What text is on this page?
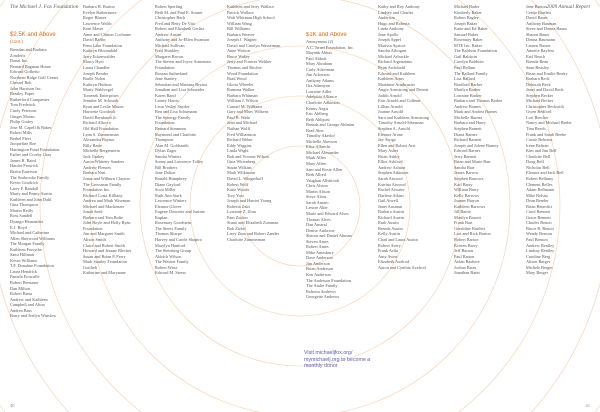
The Michael J. Fox Foundation	2009 Annual Report
$2.5K and Above
(cont.)
Brendan and Barbara
Zonderis
Donat Inc.
Bernard Bagman Home
Edward Golbetto
Northern Ridge Golf Center
Chessel Reh
John Harrison Inc.
Bentley Paper
Rutherford Companies
Tom Frederick
Cindy Peterson
Ginger Moran
Philip Grafey
Jose M. Capell & Baker
Robert Mills
Bethel Fleet
Jacqueline Roe
Harrington Fund Foundation
Esther and Crosby Gray
James R. Baird
Harriet Fenwick
Bertin Emerson
The Seabrooke Family
Kevin Goodrich
Larry P. Randall
Marty and Penny Austin
Kathleen and John Dahl
Gina Thompson
Martin Reilly
Ross Sandell
Dyango Hernandez
E.J. Boyd
Michael and Catherine
Allen Sherwood Williams
The Morgan Family
Kathleen Forsythe
Sami Hillman
Kevin Williams
T.F. Donahue Foundation
Laura Hendrick
Pamela Froscalle
Robert Bernauer
Dan Milton
Robert Barta
Andrew and Kathleen
Campbell and Alton
Andrea Bass
Barry and Jerilyn Winslow
Barbara H. Barton
Evelyn Rathermore
Roger Bhater
Lawrence Walsh
Kent Maser
Anne and Clinton Cochrane
David Baffin
Penn Lake Foundation
Kathryn Bloomdahl
Jerry Eckenwalder
Marcy Hyer
Laura Chandler
Joseph Bender
Bartle Nolen
Kathryn Hudson
Marty Waldvogel
Tomesek Enterprises
Jennifer M. Schmidt
Ryan and Leslie Mason
Harriette Goodrick
David Bernhardt Jr.
Richard Allocco
Old Hall Foundation
Lynn S. Zimmerman
Alexandra Baynor
Billy Barre
Michelle Bergenstein
Jack Grabey
Aaron Whitney Sanders
Andrew Flenzes
Barbara Nast
Jonas and Wilburn Clayton
The Grossman Family
Foundation Inc.
Richard Costa Killiany
Andrea and Mark Wiseman
Michael and Mackenzie
Jonah Seed
Barbara and Tom Bolte
John Boyle and Holly Ryan
Foundation
Jim and Margaret Smith
Alison Smith
Claire and Robert Smith
Howard and Jeanne Blecher
Susan and Brian P. Ferry
Mark Stanley Foundation
Gottlieb
Katherine and Maryanne
Robert Sperling
Beth M. and Paul E. Sosner
Christopher Bach
Fred and Betty De Vito
Robert and Elizabeth Gerlitz
Andrew Austin
Anthony and Jo-Ellen Swanson
Michael Sullivan
Fred Shinkley
Margaret Brown
The Steven and Joyce Armenian
Foundation
Rosana Sutherland
Jane Stanley
Sebastian and Mariana Bryant
Jonathan and Lisa Schneider
Karen Rand
Lainey Harris
Leon Vesley Snyder
Ben and Lisa Schumann
The Synergy Family
Foundation
Bernard Simmons
Raymond and Charlotte
Thompson
Alan M. Goldsmith
Dylan Zager
Sandra Winters
Sonny and Lawrence Tolley
Bill Brothers
Jane Dalton
Ronald Humphrey
Diane Gaylord
Scott Miller
Ruth Ann Stark
Lawrence Winters
Eleanor Glover
Eugene Doucette and Justine
Kaplan
Rosemary Goodstein
The Steers Family
Thomas Sharpe
Harvey and Carole Shapiro
Marylyn Hanford
The Steinberg Group
Aldrich Wilson
The Weston Family
Robert Wirtz
Edward M. Steers
Kathleen and Jerry Wallace
Patrick Wallace
Walt Whitman High School
William Wang
Bill Williams
Barbara Weaver
Joseph J. Wagner
David and Carolyn Wasserman
Anne Wotton
Bruce Wakey
Jerry and Frances Webber
Thomas and Ritchie
Wood Foundation
Brad Wood
Gloria Wheeler
Ramona Walker
Barbara Whitman
William J. Wilson
Carmel M. Williams
Gary and Mary Wilkens
Paul B. Wade
Jean and Michael
Nathan Wolff
Fred Williamson
Richard Weber
Eddy Wiggins
Linda Wight
Bob and Yvonne Wilson
Gina Wittenberg
Susan Wilkins
Mark Wilkinson
David L. Wingerhoff
Robert Wolf
Katie Woods
Tory Yost
Joseph and Harriet Young
Roberta Zaks
Lorraine Z. Zinn
Pam Zucker
Stuart and Elizabeth Zussman
Bob Zirkel
Larry Zinn and Robert Zander
Charlotte Zimmerman
$1K and Above
Anonymous (2)
A.C. Israel Foundation, Inc.
Mayank Abbas
Paul Abbott
Mary Abraham
Carly Ackerman
Jim Ackerson
Anthony Adams
Ora Adamyan
Lorraine Adler
Adelphia Alliance
Charlotte Adkinson
Kenny Aegis
Eric Ahlberg
Beth Ahlquist
Brenda and George Ahlman
Brad Aker
Timothy Akerlof
Michelle Akesson
Elise Albrecht
Michael Alexander
Mark Allen
Mary Allen
Sam and Rosie Allen
Beth Allred
Vaughan Allsbrook
Chris Alston
Martin Alston
Steve Alton
Sarah Amaro
Lenore Alter
Marie and Edward Alves
Thomas Alves
Dan Amaral
Denise Ambrose
Sharon and Daniel Altman
Steven Ames
Robert Ames
Mike Amesbury
Dave Anderson
Jim Anderson
Brian Anderson
Ken Anderson
The Anderson Foundation
The Andre Family
Roberta Andrews
Georgette Andrews
Kathy and Roy Anthony
Lindsey and Charles
Anderson
Hugo and Roberta
Linda Anthony
Jane Apollo
Joseph Appel
Marissa Apricot
Sandra Arbogast
Michael Arbuckle
Richard Argenziano
Ryan Archibald
Edward and Kathleen
Kathleen Arms
Marianne Armbruster
Angie Armstrong and Dennis
Judith Arnold
Erin Arnold and Colleen
Lillian Arnold
Joanne Arnold
Sara and Kathleen Armstrong
Timothy Arnold-Siberman
Stephen A. Arnold
Eleanor Arone
Jay Arrigo
Ellen and Robert Arzt
Mary Asher
Brian Ashby
Elliot Ashford
Andrew Ashton
Stephen Atkinson
Sarah Atwood
Katrina Atwood
Rachel Atwater
Darlene Atkins
Gail Atwell
Janet Ausman
Barbara Austin
Richard Austin
Ruth Austin
Brenda Austin
Kelly Austin
Chad and Laura Austin
Robert Avery
Frank Avila
Amy Avins
Elizabeth Axelrod
Aaron and Cynthia Axelrod
Michael Bader
Kimberly Baker
Robert Bagley
Joseph Baker
Katie and Ed Baker
Samuel Baker
Rosemary Baker
MTE Inc. Baker
The Baldwin Foundation
Gail Baldwin
Carolyn Baldwin
Paul Bellum
The Ballard Family
Lisa Ballard
Bradford Barber
Marilyn Barber
Lorraine Barker
Barbara and Thomas Barker
Andrew Barnes
Mark and Andrea Barnes
Michelle Barnes
Barbara and Harry
Stephen Barnett
Diana Barnes
Richard Barnett
Joseph and Jolene Barney
Edward Barnes
Jerry Barnett
Brian and Marie Barr
Sandra Barr
James Barrow
Stephen Barrows
Karl Barry
William Barry
Kelly Barrows
Joanne Barron
Kathleen Barrows
Jill Barrie
Marilyn Barrett
Frank Bart
Geraldine Bartlett
Lori and Rick Barton
Robert Barton
Kristen Barry
Jeff Barton
Paul Barton
Aidan Bashore
Joshua Bates
Jonathan Bates
Jane Batson
Ceetje Bartlett
David Bauer
Anthony Bauman
Steve and Donna Baum
Sharon Bauer
Donna Baumann
Lauren Baxter
Annette Bayless
Earl Beach
Brenda Bean
Sean Beasley
Brian and Emilie Beatty
Barbara Beck
Deborah Beck
Janet and David Beck
Stephen Becker
Michael Becker
Christopher Beckwith
Gwen Bedford
Lori Beecher
Nancy and Michael Beebe
Tina Beech
Frank and Sarah Beebe
Cassie Behrens
Irene Beltran
Kim and Jim Bell
Charlotte Bell
Doug Bell
Nicholas Bell
Eleanor and Jack Bell
Robert Bellamy
Clement Belles
Adam Bellmann
Mike Belsito
Dean Bender
Brian Benedict
Carol Bennett
Grace Bennett
Charles Benoit
Bruce R. Benoit
Wendy Benson
Paul Benson
Andrew Bentley
Lindsay Bentley
Caroline Berg
Alison Berger
Michele Berger
Mary Berger
Visit michaeljfox.org/ mymichaelj.org to become a monthly donor
40	41
